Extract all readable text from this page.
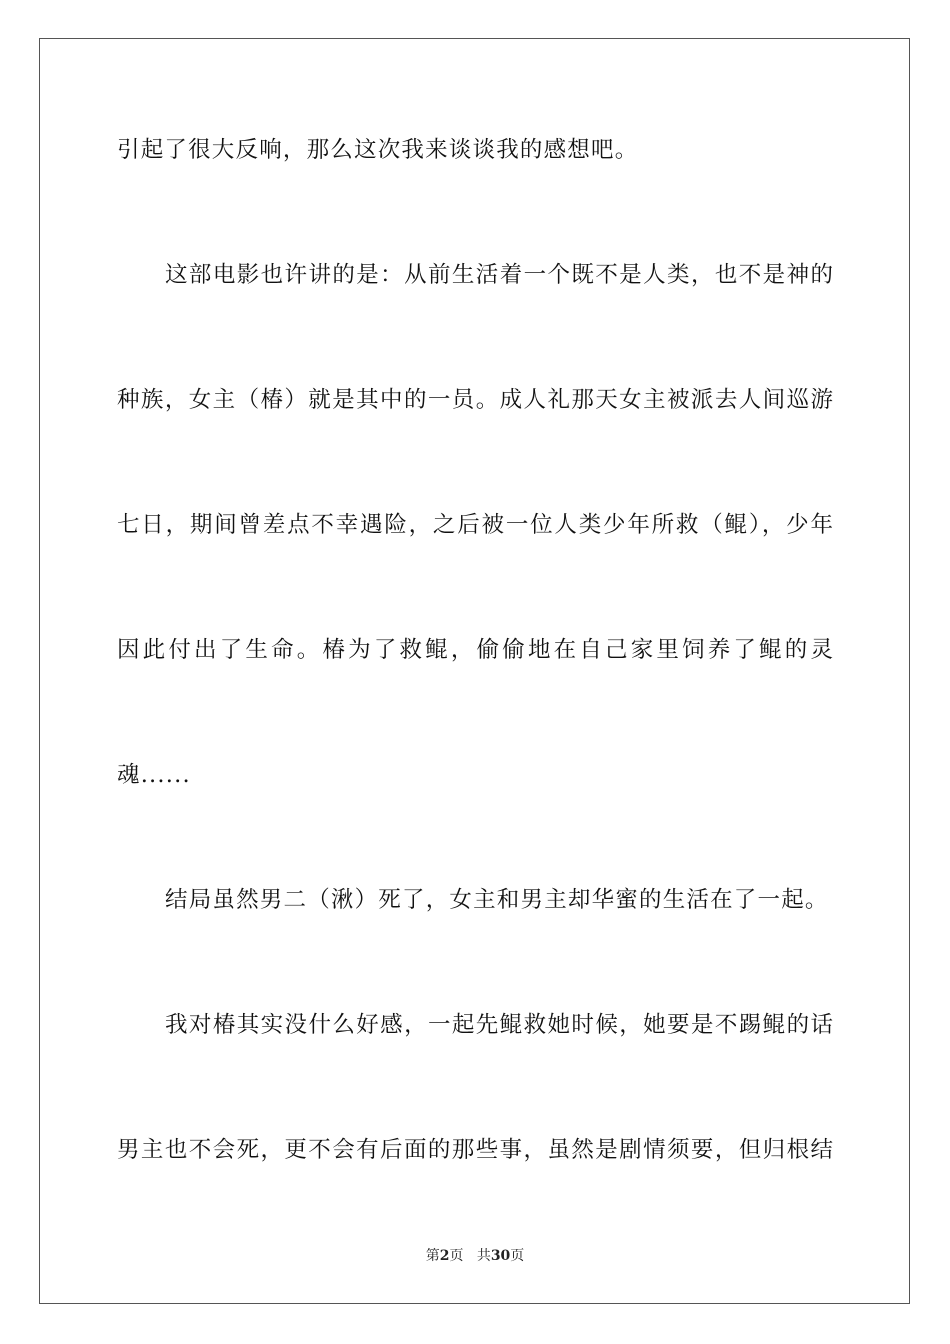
引起了很大反响，那么这次我来谈谈我的感想吧。
这部电影也许讲的是：从前生活着一个既不是人类，也不是神的
种族，女主（椿）就是其中的一员。成人礼那天女主被派去人间巡游
七日，期间曾差点不幸遇险，之后被一位人类少年所救（鲲），少年
因此付出了生命。椿为了救鲲，偷偷地在自己家里饲养了鲲的灵
魂......
结局虽然男二（湫）死了，女主和男主却华蜜的生活在了一起。
我对椿其实没什么好感，一起先鲲救她时候，她要是不踢鲲的话
男主也不会死，更不会有后面的那些事，虽然是剧情须要，但归根结
第2页 共30页
